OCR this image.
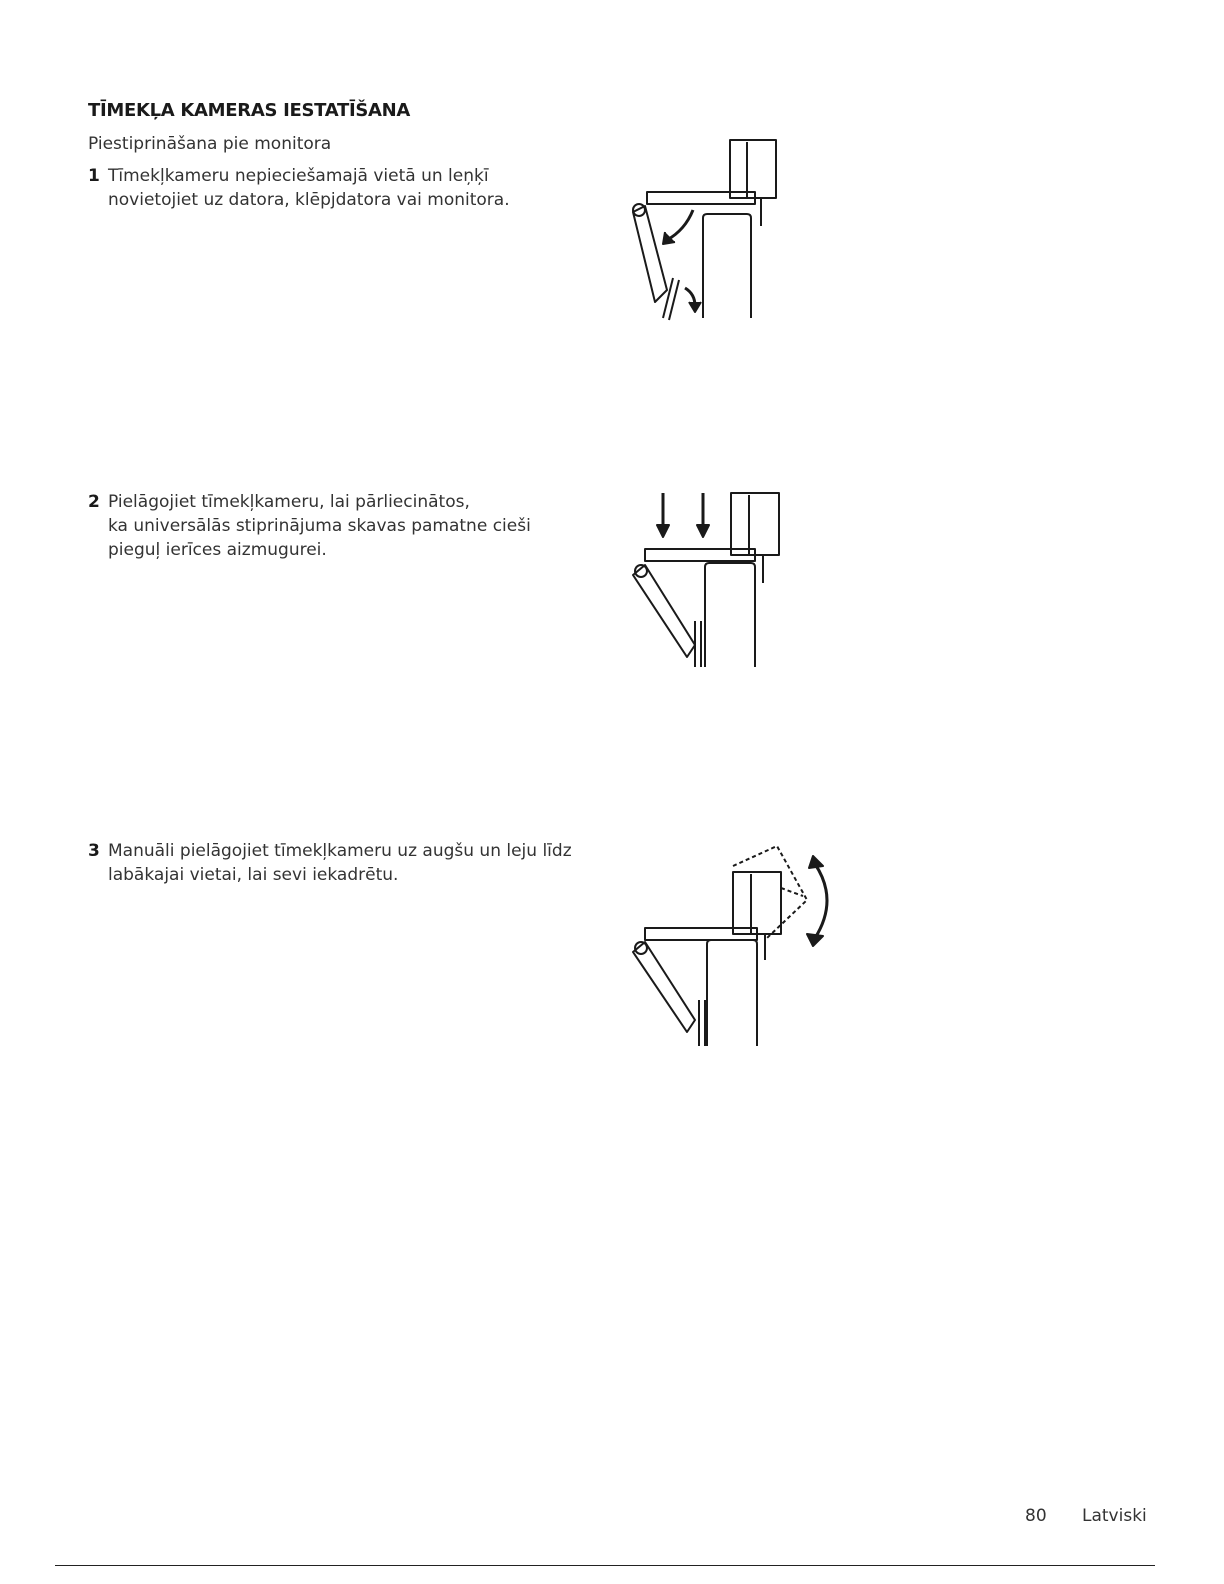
TĪMEKĻA KAMERAS IESTATĪŠANA

Piestiprināšana pie monitora

1 Tīmekļkameru nepieciešamajā vietā un leņķī
novietojiet uz datora, klēpjdatora vai monitora.
2 Pielāgojiet tīmekļkameru, lai pārliecinātos,
ka universālās stiprinājuma skavas pamatne cieši
pieguļ ierīces aizmugurei.
3 Manuāli pielāgojiet tīmekļkameru uz augšu un leju līdz
labākajai vietai, lai sevi iekadrētu.
80 Latviski
